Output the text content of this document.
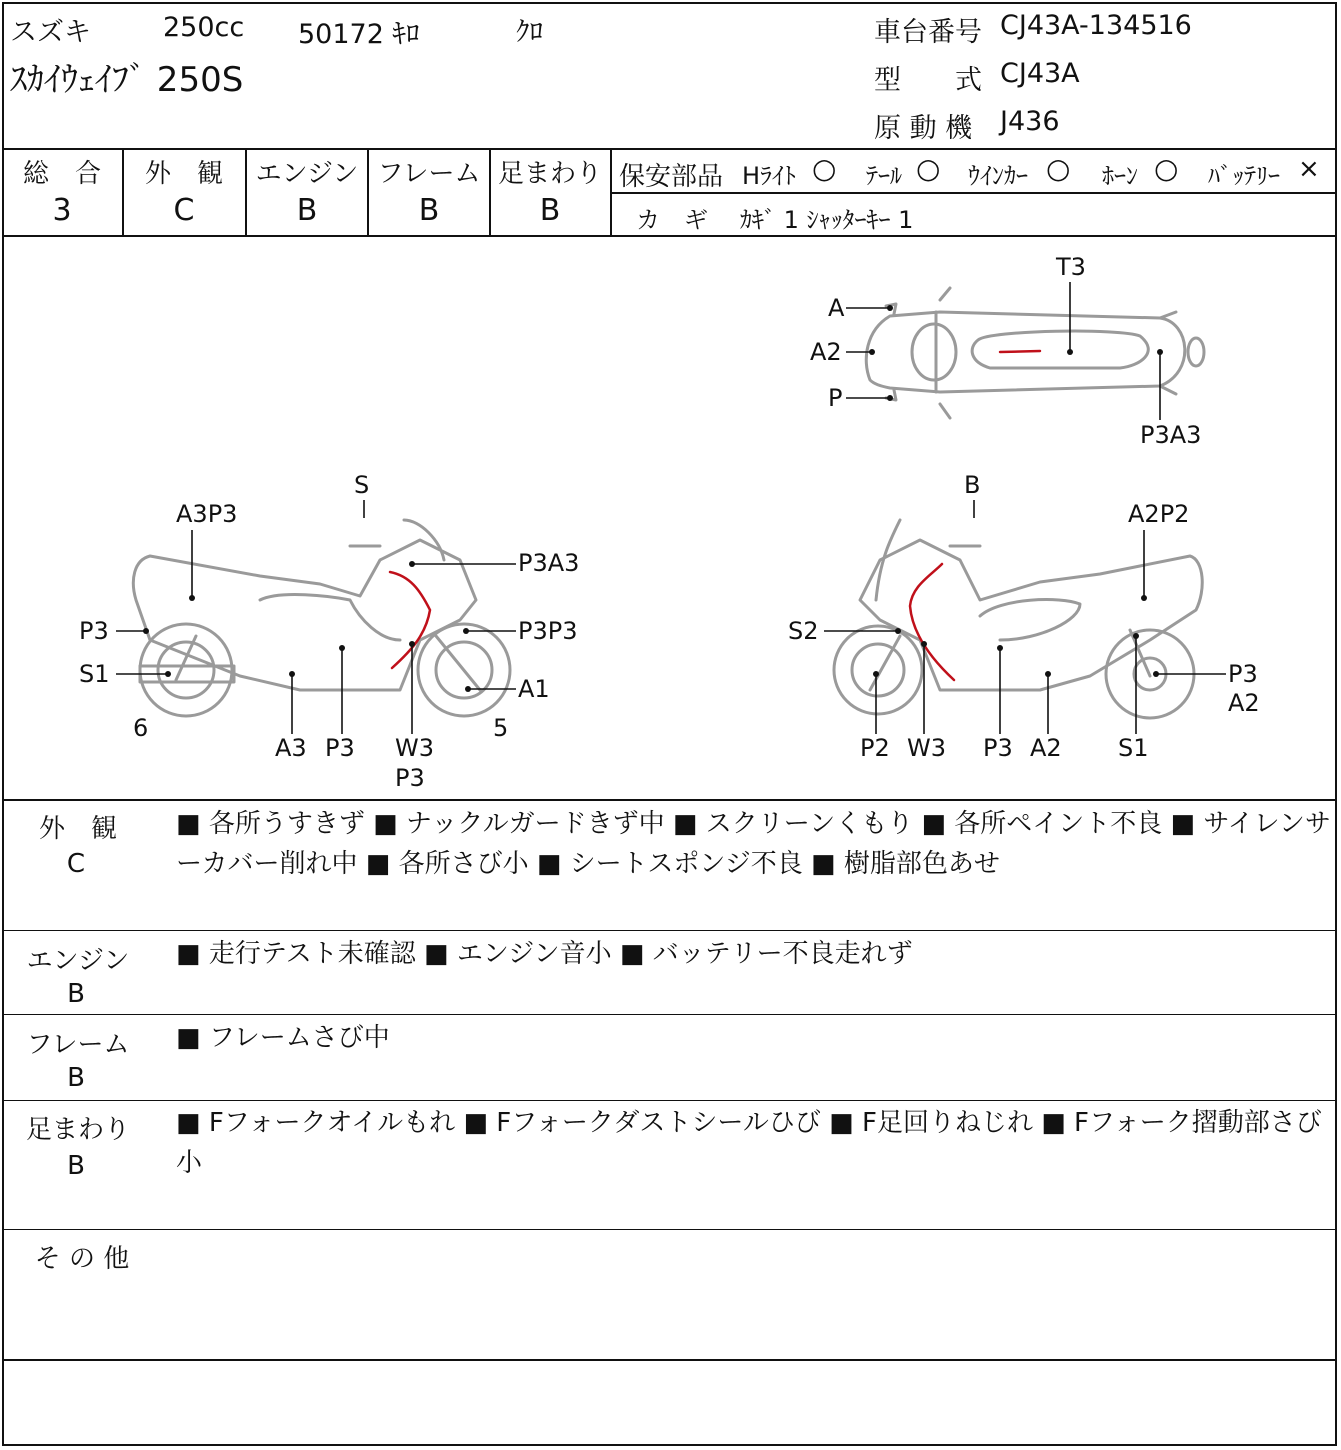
スズキ	250cc 50172 ｷﾛ	ｸﾛ
ｽｶｲｳｪｲﾌﾞ 250S
車台番号 CJ43A-134516
型　　式 CJ43A
原 動 機 J436
総　合
3
外　観
C
エンジン
B
フレーム
B
足まわり
B
保安部品 Hﾗｲﾄ ○ ﾃｰﾙ ○ ｳｲﾝｶｰ ○ ﾎｰﾝ ○ ﾊﾞｯﾃﾘｰ ×
カ　ギ ｶｷﾞ 1 ｼｬｯﾀｰｷｰ 1
T3
A
A2
P
P3A3
S
A3P3
P3A3
P3	P3P3
S1
A1
6	5
A3 P3 W3
P3
B
A2P2
S2
P3
A2
P2 W3 P3 A2 S1
外　観
C
■ 各所うすきず ■ ナックルガードきず中 ■ スクリーンくもり ■ 各所ペイント不良 ■ サイレンサーカバー削れ中 ■ 各所さび小 ■ シートスポンジ不良 ■ 樹脂部色あせ
エンジン
B
■ 走行テスト未確認 ■ エンジン音小 ■ バッテリー不良走れず
フレーム
B
■ フレームさび中
足まわり
B
■ Fフォークオイルもれ ■ Fフォークダストシールひび ■ F足回りねじれ ■ Fフォーク摺動部さび小
そ の 他
